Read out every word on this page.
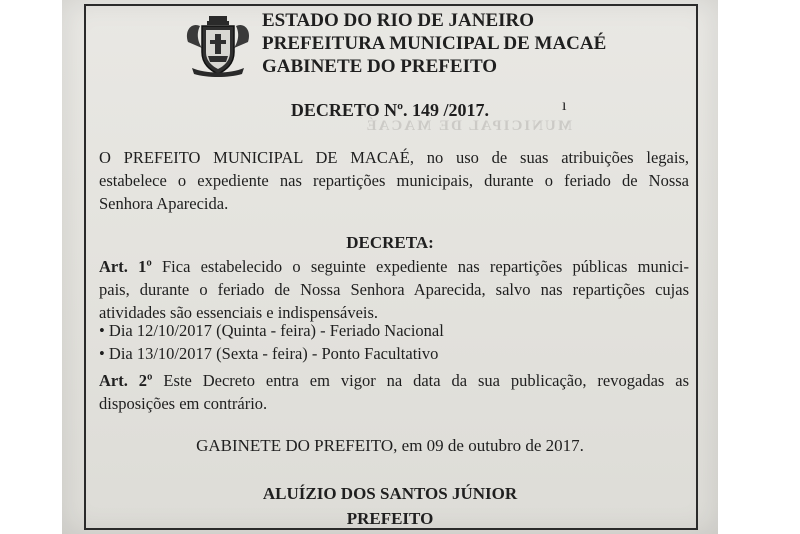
MUNICIPAL DE MACAÉ
ESTADO DO RIO DE JANEIRO
PREFEITURA MUNICIPAL DE MACAÉ
GABINETE DO PREFEITO
DECRETO Nº. 149 /2017.	ı
O PREFEITO MUNICIPAL DE MACAÉ, no uso de suas atribuições legais,
estabelece o expediente nas repartições municipais, durante o feriado de Nossa
Senhora Aparecida.
DECRETA:
Art. 1º Fica estabelecido o seguinte expediente nas repartições públicas munici-
pais, durante o feriado de Nossa Senhora Aparecida, salvo nas repartições cujas
atividades são essenciais e indispensáveis.
• Dia 12/10/2017 (Quinta - feira) - Feriado Nacional
• Dia 13/10/2017 (Sexta - feira) - Ponto Facultativo
Art. 2º Este Decreto entra em vigor na data da sua publicação, revogadas as
disposições em contrário.
GABINETE DO PREFEITO, em 09 de outubro de 2017.
ALUÍZIO DOS SANTOS JÚNIOR
PREFEITO
